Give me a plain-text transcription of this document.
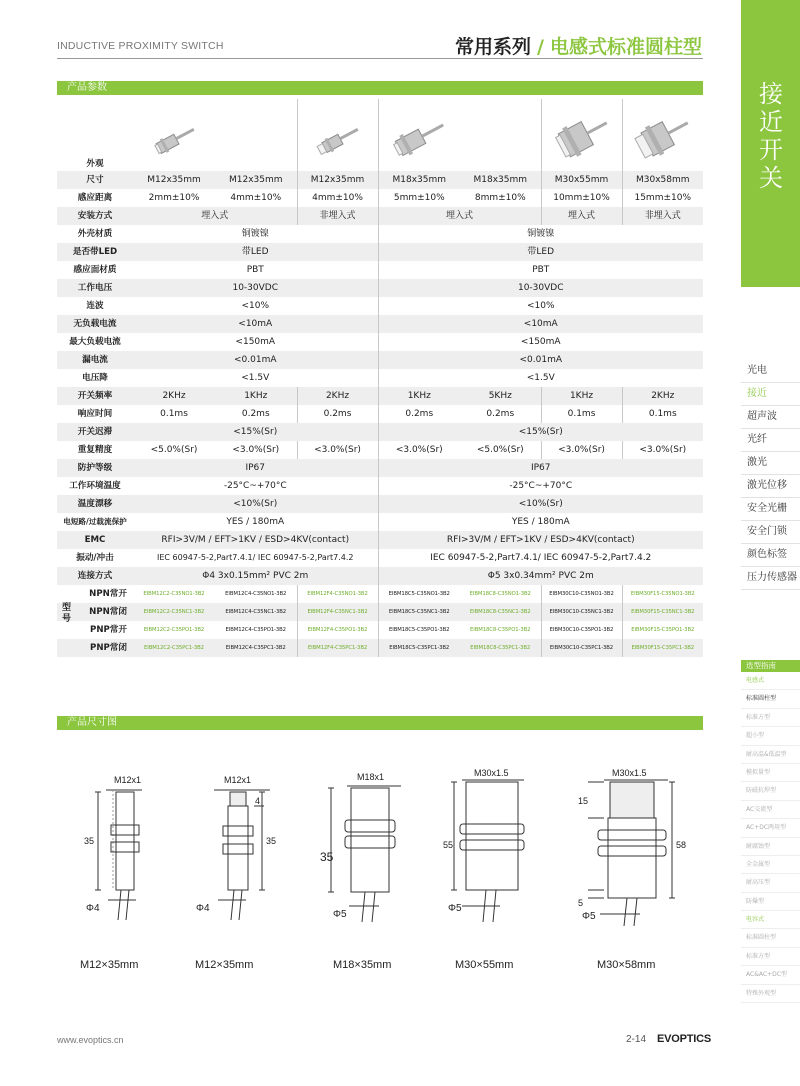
INDUCTIVE PROXIMITY SWITCH	常用系列 / 电感式标准圆柱型
接近开关
光电
接近
超声波
光纤
激光
激光位移
安全光栅
安全门锁
颜色标签
压力传感器
选型指南
电感式
标准圆柱型
标准方型
超小型
耐高温&低温型
模拟量型
防磁抗焊型
AC交流型
AC+DC两用型
耐腐蚀型
全金属型
耐高压型
防爆型
电容式
标准圆柱型
标准方型
AC&AC+DC型
特殊外观型
产品参数
外观	

尺寸	M12x35mm	M12x35mm	M12x35mm	M18x35mm	M18x35mm	M30x55mm	M30x58mm
感应距离	2mm±10%	4mm±10%	4mm±10%	5mm±10%	8mm±10%	10mm±10%	15mm±10%
安装方式	埋入式		非埋入式	埋入式		埋入式	非埋入式
外壳材质	铜镀镍			铜镀镍			
是否带LED	带LED			带LED			
感应面材质	PBT			PBT			
工作电压	10-30VDC			10-30VDC			
连波	<10%			<10%			
无负载电流	<10mA			<10mA			
最大负载电流	<150mA			<150mA			
漏电流	<0.01mA			<0.01mA			
电压降	<1.5V			<1.5V			
开关频率	2KHz	1KHz	2KHz	1KHz	5KHz	1KHz	2KHz
响应时间	0.1ms	0.2ms	0.2ms	0.2ms	0.2ms	0.1ms	0.1ms
开关迟滞	<15%(Sr)			<15%(Sr)			
重复精度	<5.0%(Sr)	<3.0%(Sr)	<3.0%(Sr)	<3.0%(Sr)	<5.0%(Sr)	<3.0%(Sr)	<3.0%(Sr)
防护等级	IP67			IP67			
工作环境温度	-25°C~+70°C			-25°C~+70°C			
温度漂移	<10%(Sr)			<10%(Sr)			
电短路/过载流保护	YES / 180mA			YES / 180mA			
EMC	RFI>3V/M / EFT>1KV / ESD>4KV(contact)			RFI>3V/M / EFT>1KV / ESD>4KV(contact)			
振动/冲击	IEC 60947-5-2,Part7.4.1/ IEC 60947-5-2,Part7.4.2			IEC 60947-5-2,Part7.4.1/ IEC 60947-5-2,Part7.4.2			
连接方式	Φ4 3x0.15mm² PVC 2m			Φ5 3x0.34mm² PVC 2m			

型号
NPN常开	EIBM12C2-C35NO1-3B2	EIBM12C4-C35NO1-3B2	EIBM12F4-C35NO1-3B2	EIBM18C5-C35NO1-3B2	EIBM18C8-C35NO1-3B2	EIBM30C10-C35NO1-3B2	EIBM30F15-C35NO1-3B2
NPN常闭	EIBM12C2-C35NC1-3B2	EIBM12C4-C35NC1-3B2	EIBM12F4-C35NC1-3B2	EIBM18C5-C35NC1-3B2	EIBM18C8-C35NC1-3B2	EIBM30C10-C35NC1-3B2	EIBM30F15-C35NC1-3B2
PNP常开	EIBM12C2-C35PO1-3B2	EIBM12C4-C35PO1-3B2	EIBM12F4-C35PO1-3B2	EIBM18C5-C35PO1-3B2	EIBM18C8-C35PO1-3B2	EIBM30C10-C35PO1-3B2	EIBM30F15-C35PO1-3B2
PNP常闭	EIBM12C2-C35PC1-3B2	EIBM12C4-C35PC1-3B2	EIBM12F4-C35PC1-3B2	EIBM18C5-C35PC1-3B2	EIBM18C8-C35PC1-3B2	EIBM30C10-C35PC1-3B2	EIBM30F15-C35PC1-3B2
产品尺寸图
M12x1
35
Φ4
M12x1
4
35
Φ4
M18x1
35
Φ5
M30x1.5
55
Φ5
M30x1.5
15
58
5
Φ5
M12×35mm	M12×35mm	M18×35mm	M30×55mm	M30×58mm
www.evoptics.cn	2-14 EVOPTICS
